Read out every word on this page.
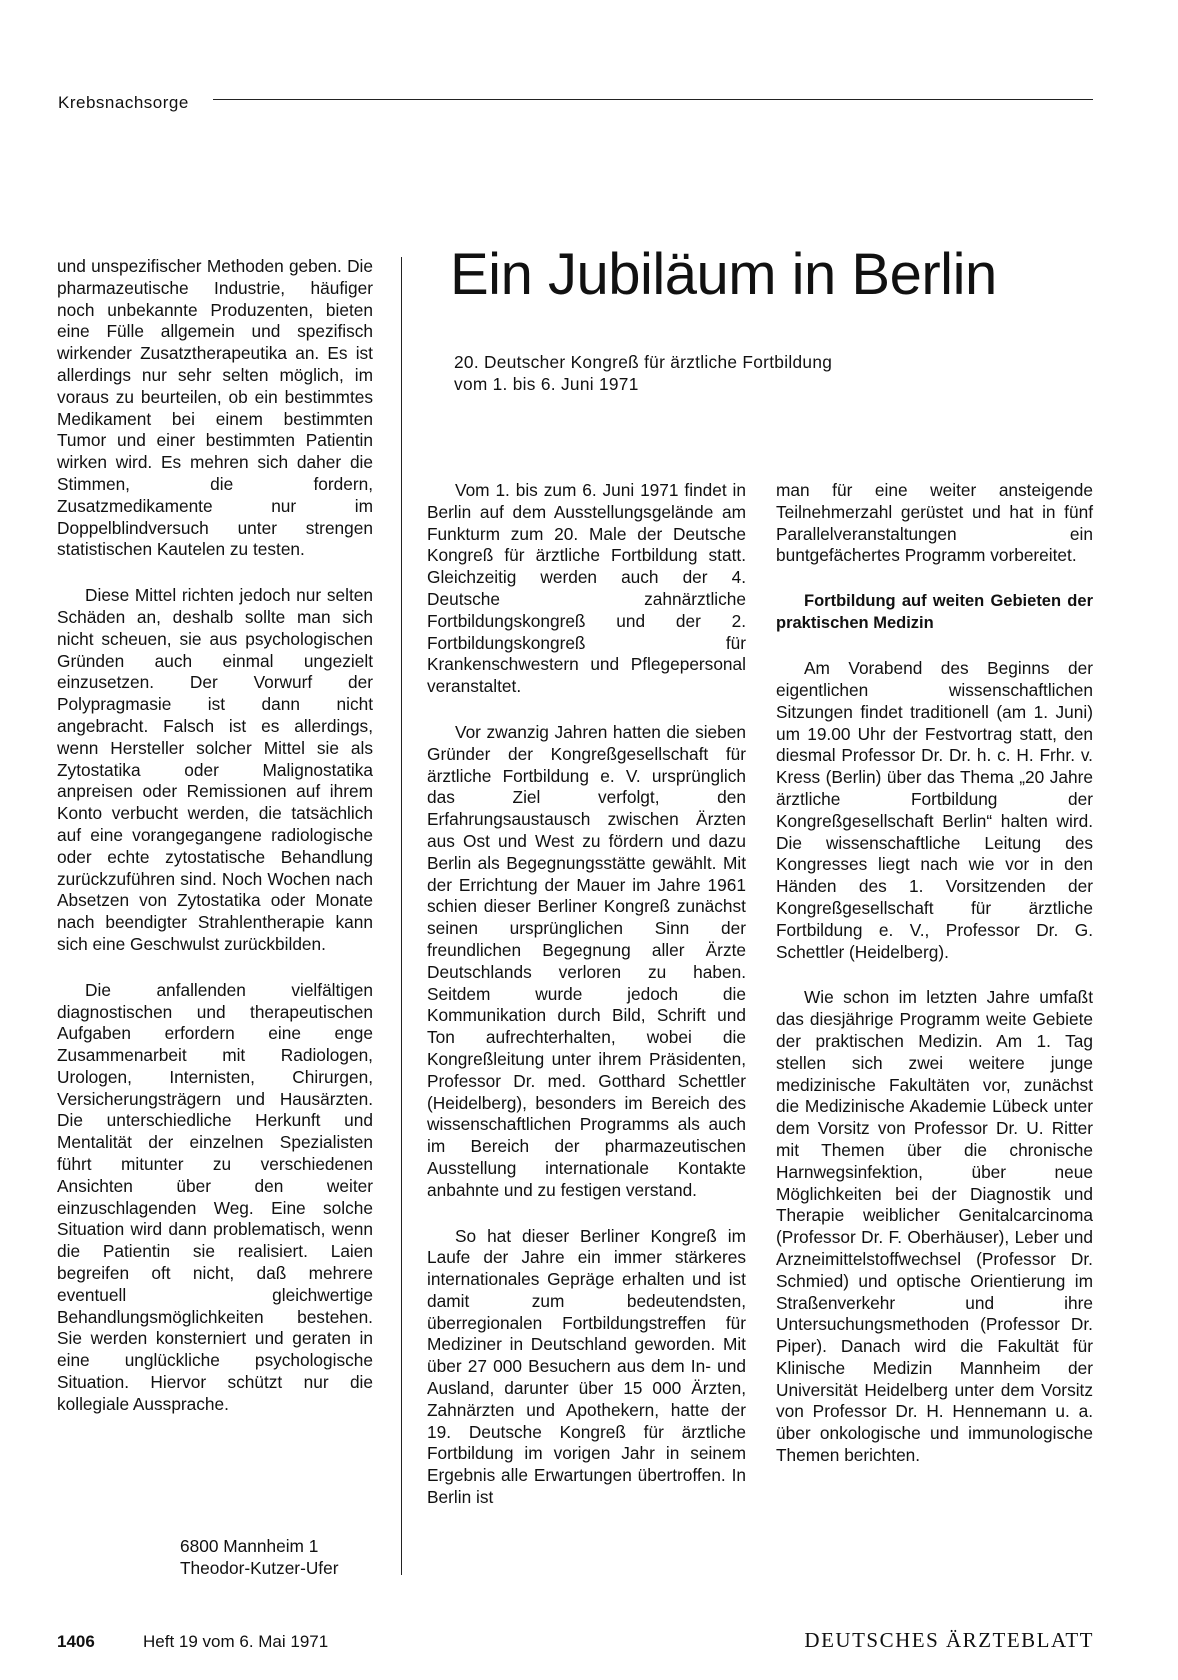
Krebsnachsorge

und unspezifischer Methoden geben. Die pharmazeutische Industrie, häufiger noch unbekannte Produzenten, bieten eine Fülle allgemein und spezifisch wirkender Zusatztherapeutika an. Es ist allerdings nur sehr selten möglich, im voraus zu beurteilen, ob ein bestimmtes Medikament bei einem bestimmten Tumor und einer bestimmten Patientin wirken wird. Es mehren sich daher die Stimmen, die fordern, Zusatzmedikamente nur im Doppelblindversuch unter strengen statistischen Kautelen zu testen.

Diese Mittel richten jedoch nur selten Schäden an, deshalb sollte man sich nicht scheuen, sie aus psychologischen Gründen auch einmal ungezielt einzusetzen. Der Vorwurf der Polypragmasie ist dann nicht angebracht. Falsch ist es allerdings, wenn Hersteller solcher Mittel sie als Zytostatika oder Malignostatika anpreisen oder Remissionen auf ihrem Konto verbucht werden, die tatsächlich auf eine vorangegangene radiologische oder echte zytostatische Behandlung zurückzuführen sind. Noch Wochen nach Absetzen von Zytostatika oder Monate nach beendigter Strahlentherapie kann sich eine Geschwulst zurückbilden.

Die anfallenden vielfältigen diagnostischen und therapeutischen Aufgaben erfordern eine enge Zusammenarbeit mit Radiologen, Urologen, Internisten, Chirurgen, Versicherungsträgern und Hausärzten. Die unterschiedliche Herkunft und Mentalität der einzelnen Spezialisten führt mitunter zu verschiedenen Ansichten über den weiter einzuschlagenden Weg. Eine solche Situation wird dann problematisch, wenn die Patientin sie realisiert. Laien begreifen oft nicht, daß mehrere eventuell gleichwertige Behandlungsmöglichkeiten bestehen. Sie werden konsterniert und geraten in eine unglückliche psychologische Situation. Hiervor schützt nur die kollegiale Aussprache.

6800 Mannheim 1
Theodor-Kutzer-Ufer
Ein Jubiläum in Berlin
20. Deutscher Kongreß für ärztliche Fortbildung
vom 1. bis 6. Juni 1971

Vom 1. bis zum 6. Juni 1971 findet in Berlin auf dem Ausstellungsgelände am Funkturm zum 20. Male der Deutsche Kongreß für ärztliche Fortbildung statt. Gleichzeitig werden auch der 4. Deutsche zahnärztliche Fortbildungskongreß und der 2. Fortbildungskongreß für Krankenschwestern und Pflegepersonal veranstaltet.

Vor zwanzig Jahren hatten die sieben Gründer der Kongreßgesellschaft für ärztliche Fortbildung e. V. ursprünglich das Ziel verfolgt, den Erfahrungsaustausch zwischen Ärzten aus Ost und West zu fördern und dazu Berlin als Begegnungsstätte gewählt. Mit der Errichtung der Mauer im Jahre 1961 schien dieser Berliner Kongreß zunächst seinen ursprünglichen Sinn der freundlichen Begegnung aller Ärzte Deutschlands verloren zu haben. Seitdem wurde jedoch die Kommunikation durch Bild, Schrift und Ton aufrechterhalten, wobei die Kongreßleitung unter ihrem Präsidenten, Professor Dr. med. Gotthard Schettler (Heidelberg), besonders im Bereich des wissenschaftlichen Programms als auch im Bereich der pharmazeutischen Ausstellung internationale Kontakte anbahnte und zu festigen verstand.

So hat dieser Berliner Kongreß im Laufe der Jahre ein immer stärkeres internationales Gepräge erhalten und ist damit zum bedeutendsten, überregionalen Fortbildungstreffen für Mediziner in Deutschland geworden. Mit über 27 000 Besuchern aus dem In- und Ausland, darunter über 15 000 Ärzten, Zahnärzten und Apothekern, hatte der 19. Deutsche Kongreß für ärztliche Fortbildung im vorigen Jahr in seinem Ergebnis alle Erwartungen übertroffen. In Berlin ist

man für eine weiter ansteigende Teilnehmerzahl gerüstet und hat in fünf Parallelveranstaltungen ein buntgefächertes Programm vorbereitet.

Fortbildung auf weiten Gebieten der praktischen Medizin

Am Vorabend des Beginns der eigentlichen wissenschaftlichen Sitzungen findet traditionell (am 1. Juni) um 19.00 Uhr der Festvortrag statt, den diesmal Professor Dr. Dr. h. c. H. Frhr. v. Kress (Berlin) über das Thema „20 Jahre ärztliche Fortbildung der Kongreßgesellschaft Berlin“ halten wird. Die wissenschaftliche Leitung des Kongresses liegt nach wie vor in den Händen des 1. Vorsitzenden der Kongreßgesellschaft für ärztliche Fortbildung e. V., Professor Dr. G. Schettler (Heidelberg).

Wie schon im letzten Jahre umfaßt das diesjährige Programm weite Gebiete der praktischen Medizin. Am 1. Tag stellen sich zwei weitere junge medizinische Fakultäten vor, zunächst die Medizinische Akademie Lübeck unter dem Vorsitz von Professor Dr. U. Ritter mit Themen über die chronische Harnwegsinfektion, über neue Möglichkeiten bei der Diagnostik und Therapie weiblicher Genitalcarcinoma (Professor Dr. F. Oberhäuser), Leber und Arzneimittelstoffwechsel (Professor Dr. Schmied) und optische Orientierung im Straßenverkehr und ihre Untersuchungsmethoden (Professor Dr. Piper). Danach wird die Fakultät für Klinische Medizin Mannheim der Universität Heidelberg unter dem Vorsitz von Professor Dr. H. Hennemann u. a. über onkologische und immunologische Themen berichten.

1406	Heft 19 vom 6. Mai 1971	DEUTSCHES ÄRZTEBLATT
